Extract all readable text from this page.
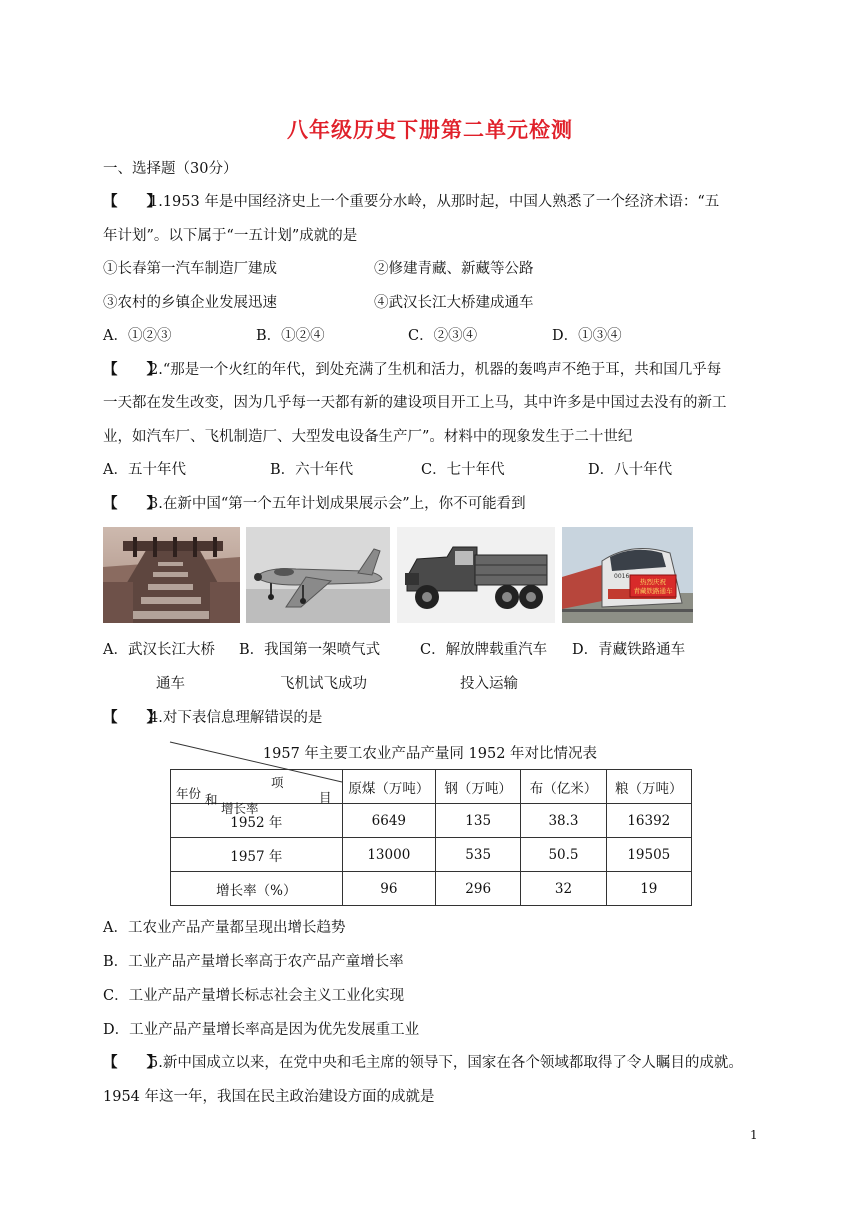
八年级历史下册第二单元检测
一、选择题（30分）
【　　】1.1953 年是中国经济史上一个重要分水岭，从那时起，中国人熟悉了一个经济术语：“五
年计划”。以下属于“一五计划”成就的是
①长春第一汽车制造厂建成	②修建青藏、新藏等公路
③农村的乡镇企业发展迅速	④武汉长江大桥建成通车
A．①②③	B．①②④	C．②③④	D．①③④
【　　】2.“那是一个火红的年代，到处充满了生机和活力，机器的轰鸣声不绝于耳，共和国几乎每
一天都在发生改变，因为几乎每一天都有新的建设项目开工上马，其中许多是中国过去没有的新工
业，如汽车厂、飞机制造厂、大型发电设备生产厂”。材料中的现象发生于二十世纪
A．五十年代	B．六十年代	C．七十年代	D．八十年代
【　　】3.在新中国“第一个五年计划成果展示会”上，你不可能看到
热烈庆祝
青藏铁路通车
0016
A．武汉长江大桥 B．我国第一架喷气式	C．解放牌载重汽车 D．青藏铁路通车
通车	飞机试飞成功	投入运输
【　　】4.对下表信息理解错误的是
1957 年主要工农业产品产量同 1952 年对比情况表
项
目
年份 和
增长率	原煤（万吨）	钢（万吨）	布（亿米）	粮（万吨）
1952 年	6649	135	38.3	16392
1957 年	13000	535	50.5	19505
增长率（%）	96	296	32	19
A．工农业产品产量都呈现出增长趋势
B．工业产品产量增长率高于农产品产童增长率
C．工业产品产量增长标志社会主义工业化实现
D．工业产品产量增长率高是因为优先发展重工业
【　　】5.新中国成立以来，在党中央和毛主席的领导下，国家在各个领域都取得了令人瞩目的成就。
1954 年这一年，我国在民主政治建设方面的成就是
1
